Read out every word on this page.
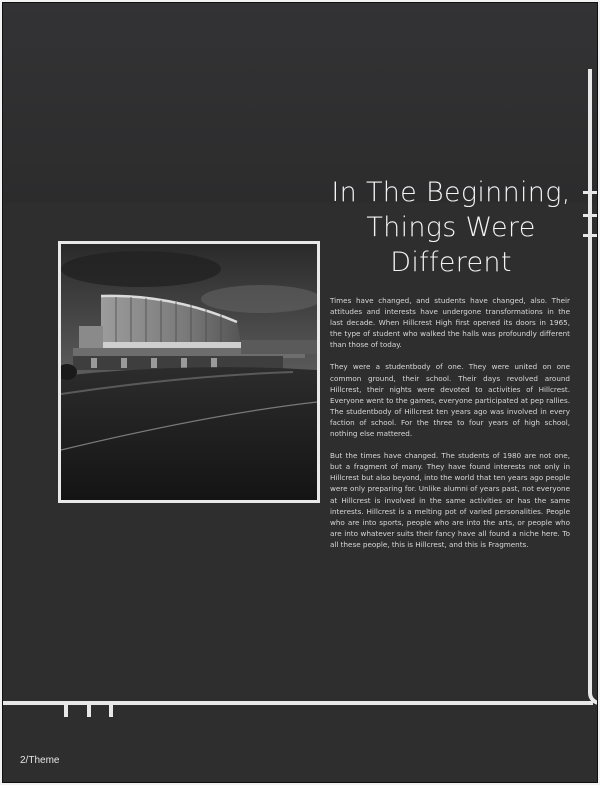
In The Beginning,
Things Were
Different

Times have changed, and students have changed, also. Their attitudes and interests have undergone transformations in the last decade. When Hillcrest High first opened its doors in 1965, the type of student who walked the halls was profoundly different than those of today.

They were a studentbody of one. They were united on one common ground, their school. Their days revolved around Hillcrest, their nights were devoted to activities of Hillcrest. Everyone went to the games, everyone participated at pep rallies. The studentbody of Hillcrest ten years ago was involved in every faction of school. For the three to four years of high school, nothing else mattered.

But the times have changed. The students of 1980 are not one, but a fragment of many. They have found interests not only in Hillcrest but also beyond, into the world that ten years ago people were only preparing for. Unlike alumni of years past, not everyone at Hillcrest is involved in the same activities or has the same interests. Hillcrest is a melting pot of varied personalities. People who are into sports, people who are into the arts, or people who are into whatever suits their fancy have all found a niche here. To all these people, this is Hillcrest, and this is Fragments.

2/Theme
